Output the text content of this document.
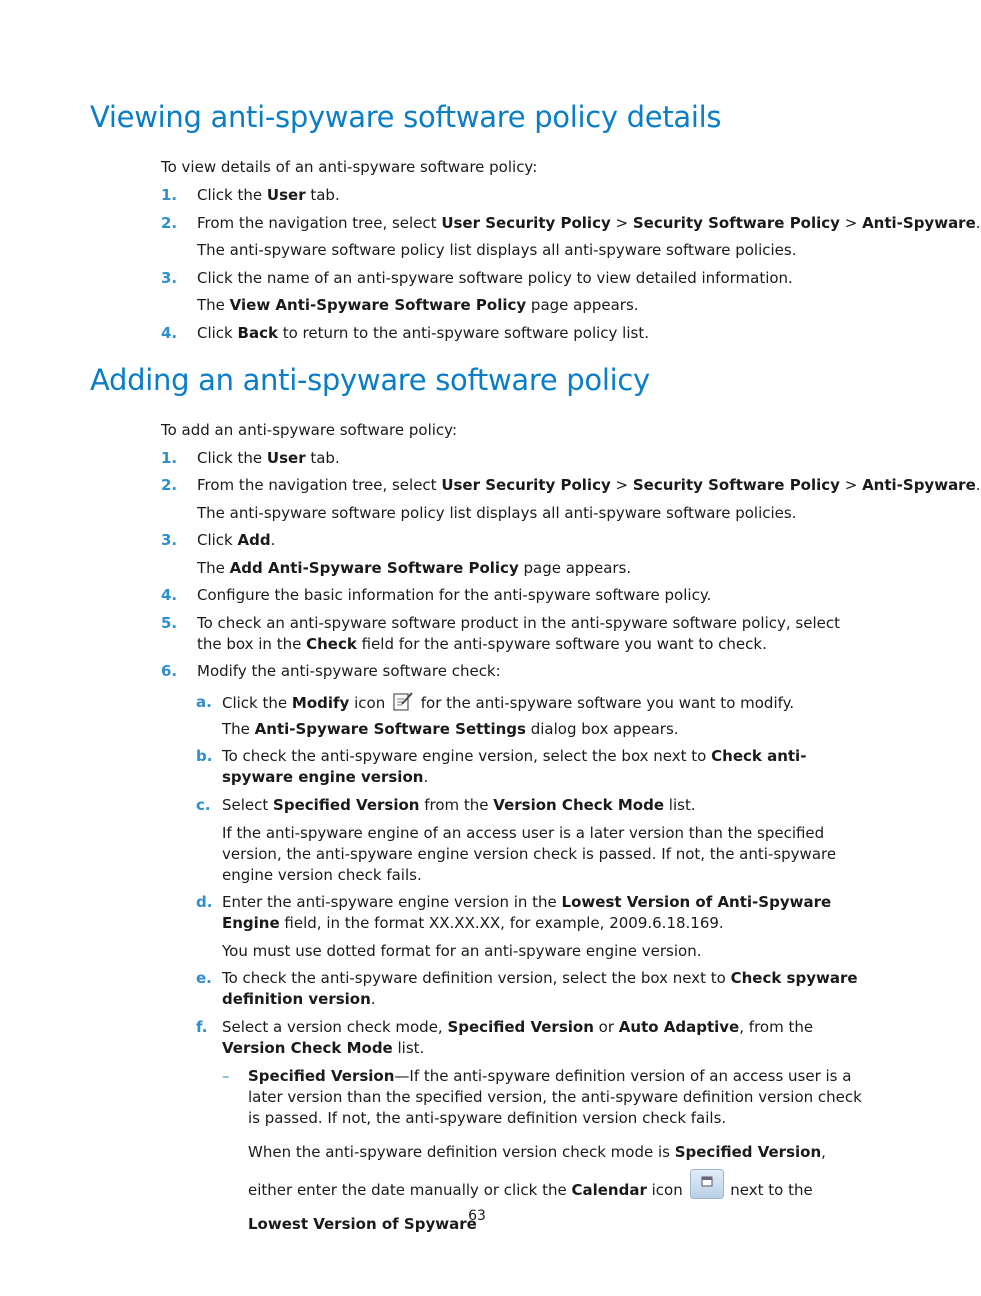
Viewing anti-spyware software policy details
To view details of an anti-spyware software policy:
1. Click the User tab.
2. From the navigation tree, select User Security Policy > Security Software Policy > Anti-Spyware.
The anti-spyware software policy list displays all anti-spyware software policies.
3. Click the name of an anti-spyware software policy to view detailed information.
The View Anti-Spyware Software Policy page appears.
4. Click Back to return to the anti-spyware software policy list.
Adding an anti-spyware software policy
To add an anti-spyware software policy:
1. Click the User tab.
2. From the navigation tree, select User Security Policy > Security Software Policy > Anti-Spyware.
The anti-spyware software policy list displays all anti-spyware software policies.
3. Click Add.
The Add Anti-Spyware Software Policy page appears.
4. Configure the basic information for the anti-spyware software policy.
5. To check an anti-spyware software product in the anti-spyware software policy, select the box in the Check field for the anti-spyware software you want to check.
6. Modify the anti-spyware software check:
a. Click the Modify icon  for the anti-spyware software you want to modify.
The Anti-Spyware Software Settings dialog box appears.
b. To check the anti-spyware engine version, select the box next to Check anti-spyware engine version.
c. Select Specified Version from the Version Check Mode list.
If the anti-spyware engine of an access user is a later version than the specified version, the anti-spyware engine version check is passed. If not, the anti-spyware engine version check fails.
d. Enter the anti-spyware engine version in the Lowest Version of Anti-Spyware Engine field, in the format XX.XX.XX, for example, 2009.6.18.169.
You must use dotted format for an anti-spyware engine version.
e. To check the anti-spyware definition version, select the box next to Check spyware definition version.
f. Select a version check mode, Specified Version or Auto Adaptive, from the Version Check Mode list.
– Specified Version—If the anti-spyware definition version of an access user is a later version than the specified version, the anti-spyware definition version check is passed. If not, the anti-spyware definition version check fails.
When the anti-spyware definition version check mode is Specified Version, either enter the date manually or click the Calendar icon	next to the Lowest Version of Spyware
63
